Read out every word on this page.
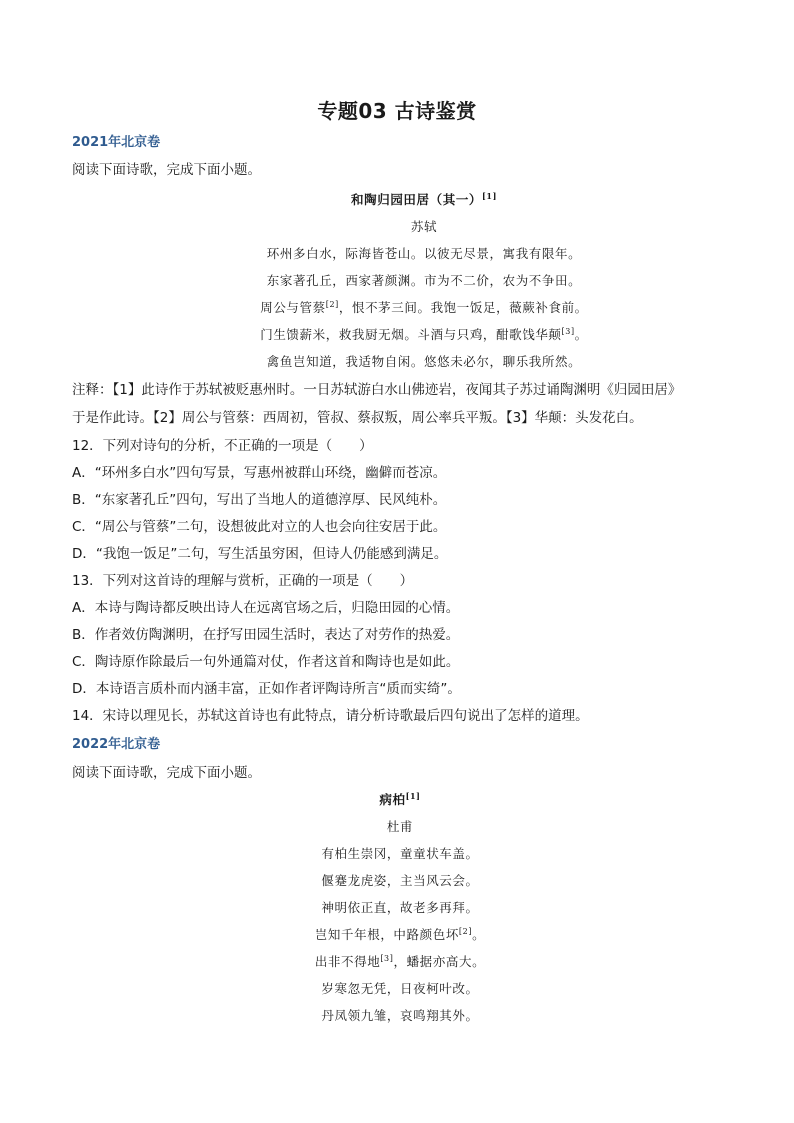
专题03 古诗鉴赏
2021年北京卷
阅读下面诗歌，完成下面小题。
和陶归园田居（其一）[1]
苏轼
环州多白水，际海皆苍山。以彼无尽景，寓我有限年。
东家著孔丘，西家著颜渊。市为不二价，农为不争田。
周公与管蔡[2]，恨不茅三间。我饱一饭足，薇蕨补食前。
门生馈薪米，救我厨无烟。斗酒与只鸡，酣歌饯华颠[3]。
禽鱼岂知道，我适物自闲。悠悠未必尔，聊乐我所然。
注释：【1】此诗作于苏轼被贬惠州时。一日苏轼游白水山佛迹岩，夜闻其子苏过诵陶渊明《归园田居》
于是作此诗。【2】周公与管蔡：西周初，管叔、蔡叔叛，周公率兵平叛。【3】华颠：头发花白。
12．下列对诗句的分析，不正确的一项是（　　）
A．“环州多白水”四句写景，写惠州被群山环绕，幽僻而苍凉。
B．“东家著孔丘”四句，写出了当地人的道德淳厚、民风纯朴。
C．“周公与管蔡”二句，设想彼此对立的人也会向往安居于此。
D．“我饱一饭足”二句，写生活虽穷困，但诗人仍能感到满足。
13．下列对这首诗的理解与赏析，正确的一项是（　　）
A．本诗与陶诗都反映出诗人在远离官场之后，归隐田园的心情。
B．作者效仿陶渊明，在抒写田园生活时，表达了对劳作的热爱。
C．陶诗原作除最后一句外通篇对仗，作者这首和陶诗也是如此。
D．本诗语言质朴而内涵丰富，正如作者评陶诗所言“质而实绮”。
14．宋诗以理见长，苏轼这首诗也有此特点，请分析诗歌最后四句说出了怎样的道理。
2022年北京卷
阅读下面诗歌，完成下面小题。
病柏[1]
杜甫
有柏生崇冈，童童状车盖。
偃蹇龙虎姿，主当风云会。
神明依正直，故老多再拜。
岂知千年根，中路颜色坏[2]。
出非不得地[3]，蟠据亦高大。
岁寒忽无凭，日夜柯叶改。
丹凤领九雏，哀鸣翔其外。
